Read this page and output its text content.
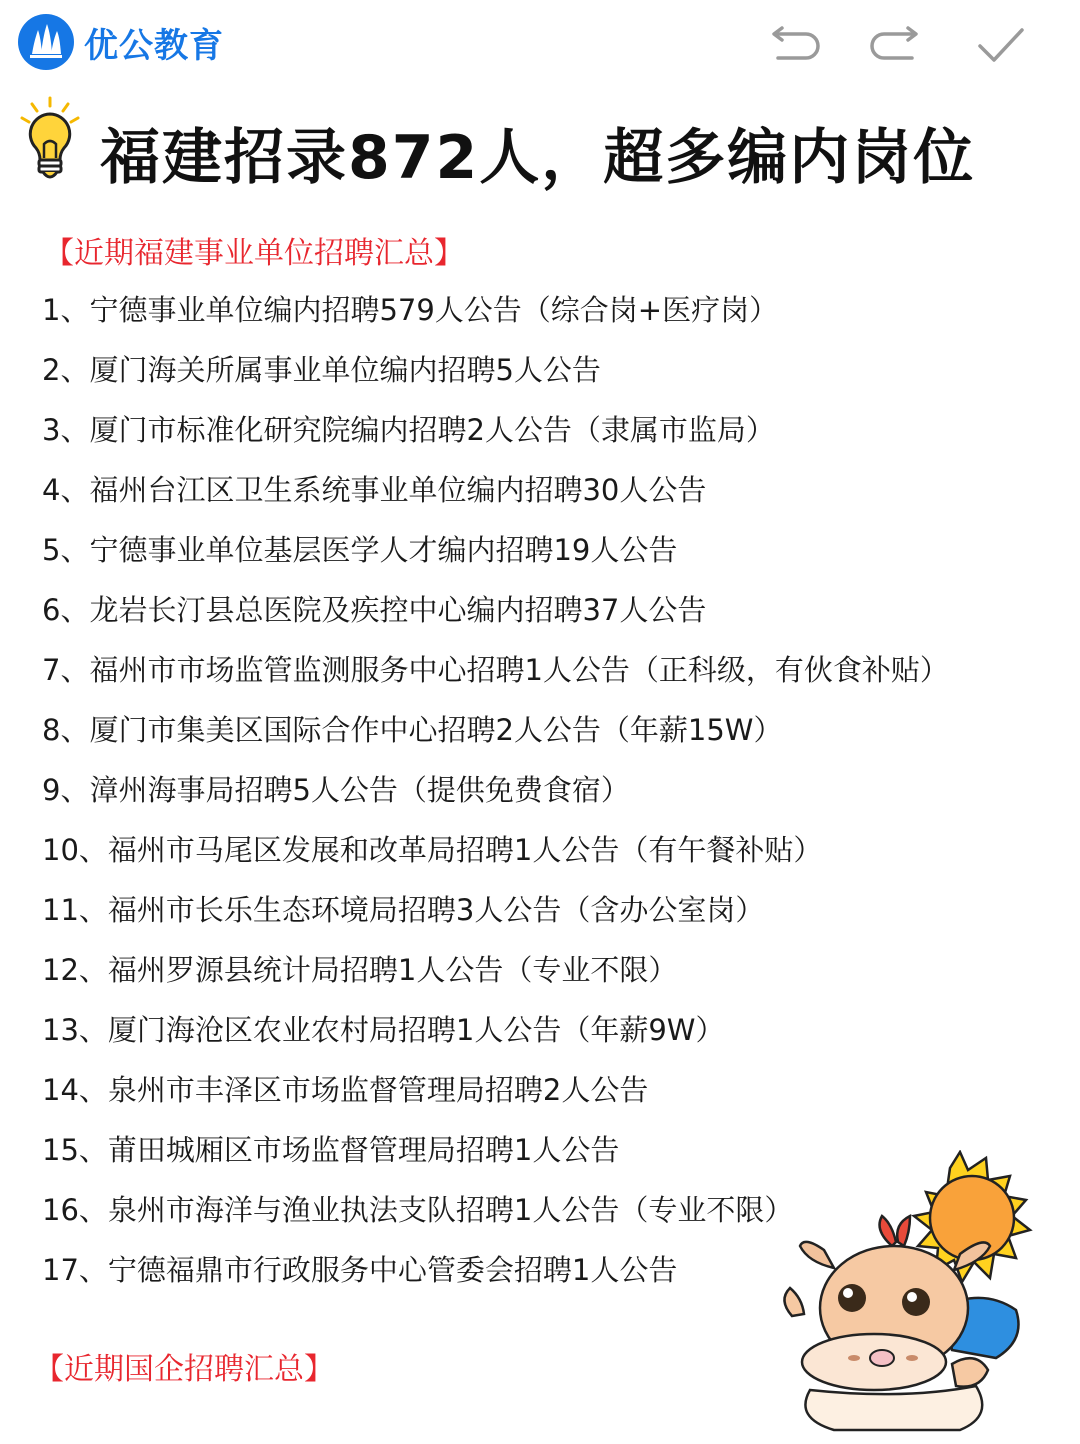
优公教育
福建招录872人，超多编内岗位
【近期福建事业单位招聘汇总】
1、宁德事业单位编内招聘579人公告（综合岗+医疗岗）
2、厦门海关所属事业单位编内招聘5人公告
3、厦门市标准化研究院编内招聘2人公告（隶属市监局）
4、福州台江区卫生系统事业单位编内招聘30人公告
5、宁德事业单位基层医学人才编内招聘19人公告
6、龙岩长汀县总医院及疾控中心编内招聘37人公告
7、福州市市场监管监测服务中心招聘1人公告（正科级，有伙食补贴）
8、厦门市集美区国际合作中心招聘2人公告（年薪15W）
9、漳州海事局招聘5人公告（提供免费食宿）
10、福州市马尾区发展和改革局招聘1人公告（有午餐补贴）
11、福州市长乐生态环境局招聘3人公告（含办公室岗）
12、福州罗源县统计局招聘1人公告（专业不限）
13、厦门海沧区农业农村局招聘1人公告（年薪9W）
14、泉州市丰泽区市场监督管理局招聘2人公告
15、莆田城厢区市场监督管理局招聘1人公告
16、泉州市海洋与渔业执法支队招聘1人公告（专业不限）
17、宁德福鼎市行政服务中心管委会招聘1人公告
【近期国企招聘汇总】
